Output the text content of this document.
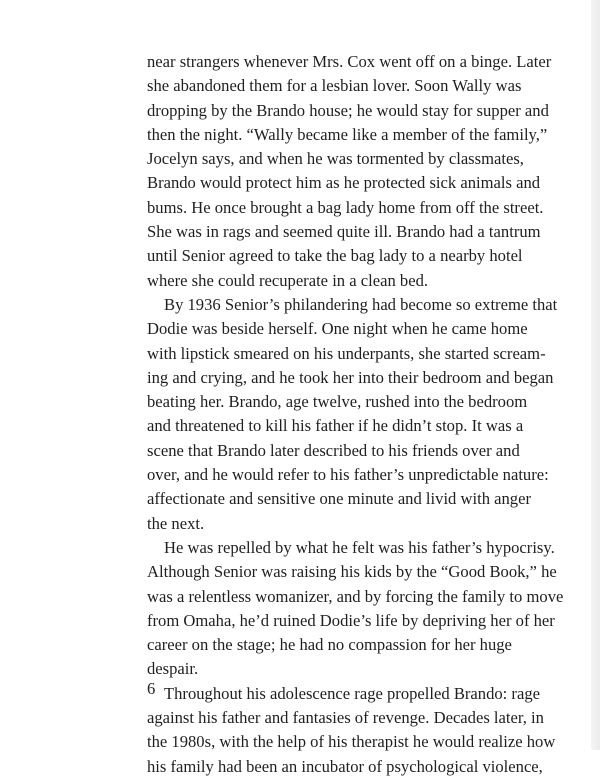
near strangers whenever Mrs. Cox went off on a binge. Later
she abandoned them for a lesbian lover. Soon Wally was
dropping by the Brando house; he would stay for supper and
then the night. “Wally became like a member of the family,”
Jocelyn says, and when he was tormented by classmates,
Brando would protect him as he protected sick animals and
bums. He once brought a bag lady home from off the street.
She was in rags and seemed quite ill. Brando had a tantrum
until Senior agreed to take the bag lady to a nearby hotel
where she could recuperate in a clean bed.
By 1936 Senior’s philandering had become so extreme that
Dodie was beside herself. One night when he came home
with lipstick smeared on his underpants, she started scream-
ing and crying, and he took her into their bedroom and began
beating her. Brando, age twelve, rushed into the bedroom
and threatened to kill his father if he didn’t stop. It was a
scene that Brando later described to his friends over and
over, and he would refer to his father’s unpredictable nature:
affectionate and sensitive one minute and livid with anger
the next.
He was repelled by what he felt was his father’s hypocrisy.
Although Senior was raising his kids by the “Good Book,” he
was a relentless womanizer, and by forcing the family to move
from Omaha, he’d ruined Dodie’s life by depriving her of her
career on the stage; he had no compassion for her huge
despair.
Throughout his adolescence rage propelled Brando: rage
against his father and fantasies of revenge. Decades later, in
the 1980s, with the help of his therapist he would realize how
his family had been an incubator of psychological violence,
6
